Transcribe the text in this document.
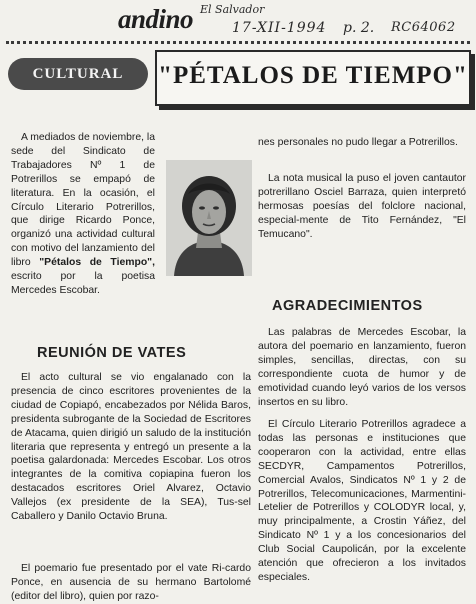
andino El Salvador
17-XII-1994 p. 2. RC64062
CULTURAL	"PÉTALOS DE TIEMPO"

A mediados de noviembre, la sede del Sindicato de Trabajadores Nº 1 de Potrerillos se empapó de literatura. En la ocasión, el Círculo Literario Potrerillos, que dirige Ricardo Ponce, organizó una actividad cultural con motivo del lanzamiento del libro "Pétalos de Tiempo", escrito por la poetisa Mercedes Escobar.

REUNIÓN DE VATES

El acto cultural se vio engalanado con la presencia de cinco escritores provenientes de la ciudad de Copiapó, encabezados por Nélida Baros, presidenta subrogante de la Sociedad de Escritores de Atacama, quien dirigió un saludo de la institución literaria que representa y entregó un presente a la poetisa galardonada: Mercedes Escobar. Los otros integrantes de la comitiva copiapina fueron los destacados escritores Oriel Alvarez, Octavio Vallejos (ex presidente de la SEA), Tus-sel Caballero y Danilo Octavio Bruna.

El poemario fue presentado por el vate Ri-cardo Ponce, en ausencia de su hermano Bartolomé (editor del libro), quien por razo-

nes personales no pudo llegar a Potrerillos.

La nota musical la puso el joven cantautor potrerillano Osciel Barraza, quien interpretó hermosas poesías del folclore nacional, especial-mente de Tito Fernández, "El Temucano".

AGRADECIMIENTOS

Las palabras de Mercedes Escobar, la autora del poemario en lanzamiento, fueron simples, sencillas, directas, con su correspondiente cuota de humor y de emotividad cuando leyó varios de los versos insertos en su libro.

El Círculo Literario Potrerillos agradece a todas las personas e instituciones que cooperaron con la actividad, entre ellas SECDYR, Campamentos Potrerillos, Comercial Avalos, Sindicatos Nº 1 y 2 de Potrerillos, Telecomunicaciones, Marmentini-Letelier de Potrerillos y COLODYR local, y, muy principalmente, a Crostin Yáñez, del Sindicato Nº 1 y a los concesionarios del Club Social Caupolicán, por la excelente atención que ofrecieron a los invitados especiales.
